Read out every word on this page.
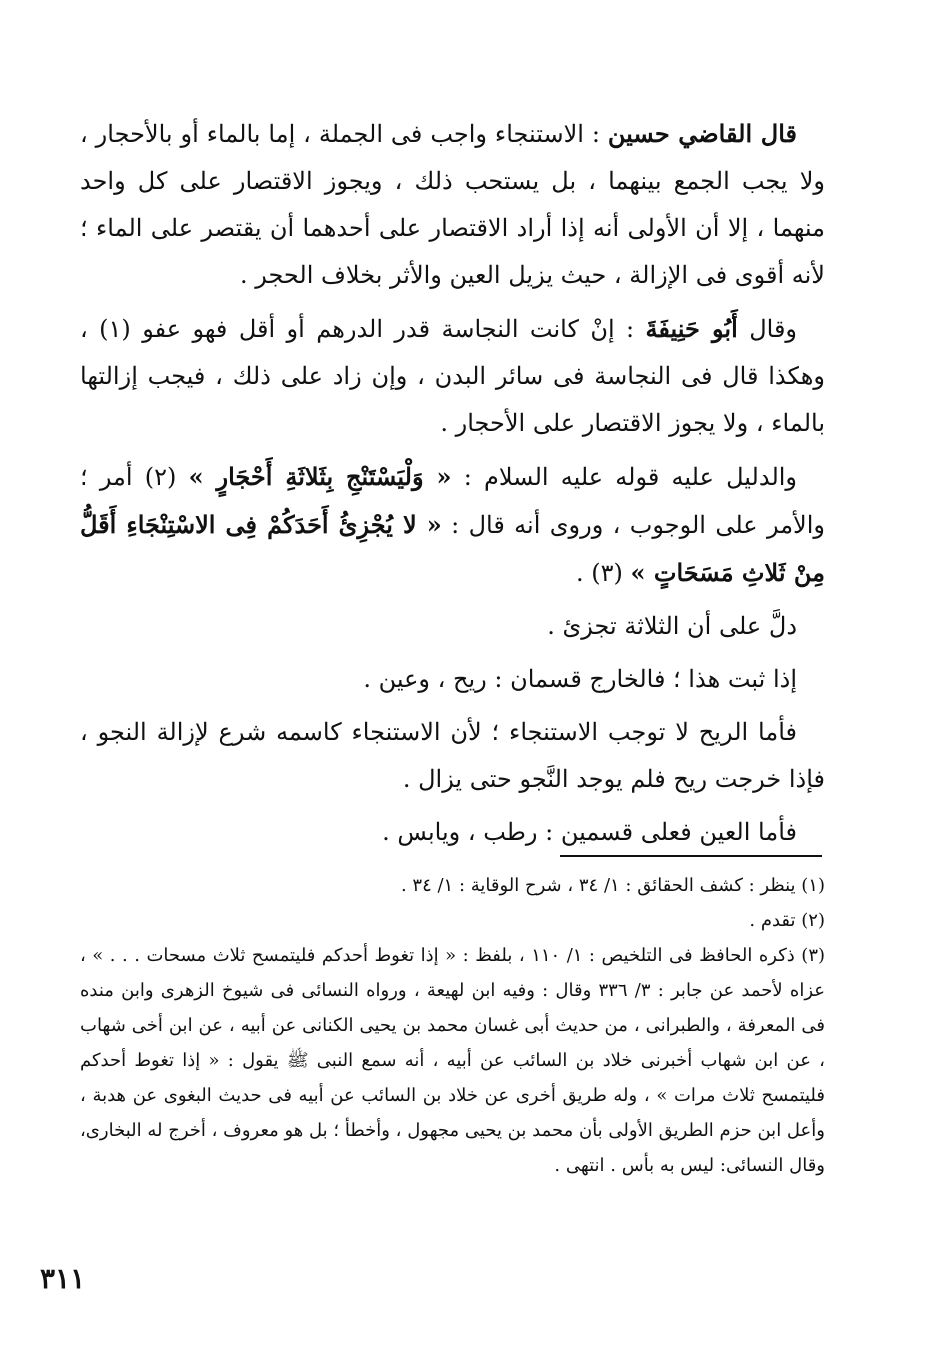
قال القاضي حسين : الاستنجاء واجب فى الجملة ، إما بالماء أو بالأحجار ، ولا يجب الجمع بينهما ، بل يستحب ذلك ، ويجوز الاقتصار على كل واحد منهما ، إلا أن الأولى أنه إذا أراد الاقتصار على أحدهما أن يقتصر على الماء ؛ لأنه أقوى فى الإزالة ، حيث يزيل العين والأثر بخلاف الحجر .

وقال أَبُو حَنِيفَةَ : إنْ كانت النجاسة قدر الدرهم أو أقل فهو عفو (١) ، وهكذا قال فى النجاسة فى سائر البدن ، وإن زاد على ذلك ، فيجب إزالتها بالماء ، ولا يجوز الاقتصار على الأحجار .

والدليل عليه قوله عليه السلام : « وَلْيَسْتَنْجِ بِثَلاثَةِ أَحْجَارٍ » (٢) أمر ؛ والأمر على الوجوب ، وروى أنه قال : « لا يُجْزِئُ أَحَدَكُمْ فِى الاسْتِنْجَاءِ أَقَلُّ مِنْ ثَلاثِ مَسَحَاتٍ » (٣) .

دلَّ على أن الثلاثة تجزئ .

إذا ثبت هذا ؛ فالخارج قسمان : ريح ، وعين .

فأما الريح لا توجب الاستنجاء ؛ لأن الاستنجاء كاسمه شرع لإزالة النجو ، فإذا خرجت ريح فلم يوجد النَّجو حتى يزال .

فأما العين فعلى قسمين : رطب ، ويابس .

(١) ينظر : كشف الحقائق : ١/ ٣٤ ، شرح الوقاية : ١/ ٣٤ .

(٢) تقدم .

(٣) ذكره الحافظ فى التلخيص : ١/ ١١٠ ، بلفظ : « إذا تغوط أحدكم فليتمسح ثلاث مسحات . . . » ، عزاه لأحمد عن جابر : ٣/ ٣٣٦ وقال : وفيه ابن لهيعة ، ورواه النسائى فى شيوخ الزهرى وابن منده فى المعرفة ، والطبرانى ، من حديث أبى غسان محمد بن يحيى الكنانى عن أبيه ، عن ابن أخى شهاب ، عن ابن شهاب أخبرنى خلاد بن السائب عن أبيه ، أنه سمع النبى ﷺ يقول : « إذا تغوط أحدكم فليتمسح ثلاث مرات » ، وله طريق أخرى عن خلاد بن السائب عن أبيه فى حديث البغوى عن هدبة ، وأعل ابن حزم الطريق الأولى بأن محمد بن يحيى مجهول ، وأخطأ ؛ بل هو معروف ، أخرج له البخارى، وقال النسائى: ليس به بأس . انتهى .

٣١١
